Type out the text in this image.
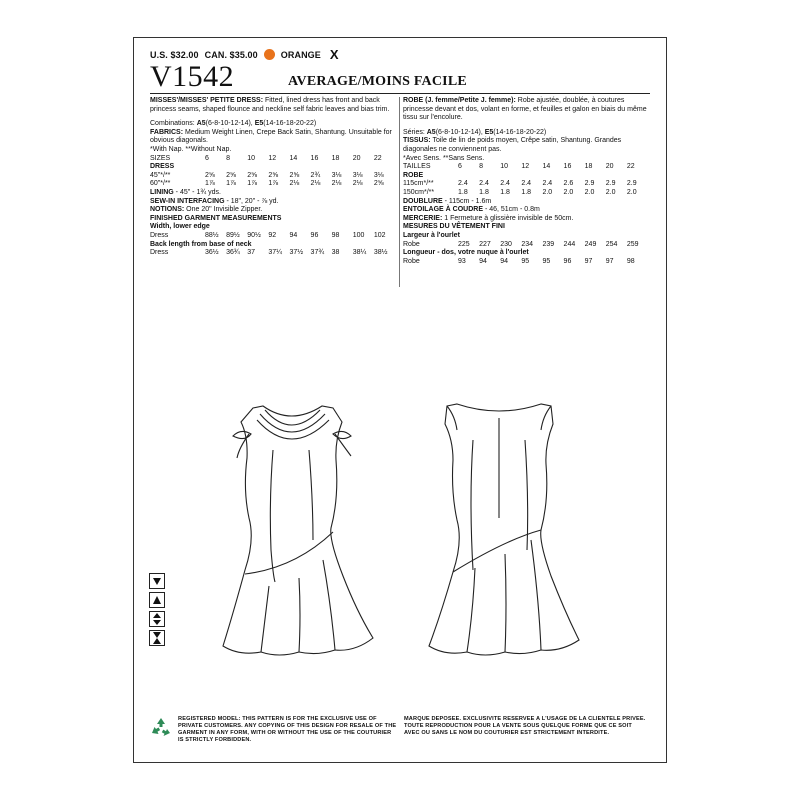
U.S. $32.00 CAN. $35.00	ORANGE X
V1542	AVERAGE/MOINS FACILE

MISSES'/MISSES' PETITE DRESS: Fitted, lined dress has front and back princess seams, shaped flounce and neckline self fabric leaves and bias trim.

Combinations: A5(6-8-10-12-14), E5(14-16-18-20-22)

FABRICS: Medium Weight Linen, Crepe Back Satin, Shantung. Unsuitable for obvious diagonals.

*With Nap. **Without Nap.

SIZES	6	8	10	12	14	16	18	20	22

DRESS

45"*/**	2⅝	2⅝	2⅝	2⅝	2⅝	2¾	3⅛	3⅛	3⅛
60"*/**	1⅞	1⅞	1⅞	1⅞	2⅛	2⅛	2⅛	2⅛	2⅝

LINING - 45" - 1¾ yds.

SEW-IN INTERFACING - 18", 20" - ⅞ yd.

NOTIONS: One 20" Invisible Zipper.

FINISHED GARMENT MEASUREMENTS

Width, lower edge

Dress	88½	89½	90½	92	94	96	98	100	102

Back length from base of neck

Dress	36½	36¾	37	37¼	37½	37¾	38	38¼	38½

ROBE (J. femme/Petite J. femme): Robe ajustée, doublée, à coutures princesse devant et dos, volant en forme, et feuilles et galon en biais du même tissu sur l'encolure.

Séries: A5(6-8-10-12-14), E5(14-16-18-20-22)

TISSUS: Toile de lin de poids moyen, Crêpe satin, Shantung. Grandes diagonales ne conviennent pas.

*Avec Sens. **Sans Sens.

TAILLES	6	8	10	12	14	16	18	20	22

ROBE

115cm*/**	2.4	2.4	2.4	2.4	2.4	2.6	2.9	2.9	2.9
150cm*/**	1.8	1.8	1.8	1.8	2.0	2.0	2.0	2.0	2.0

DOUBLURE - 115cm - 1.6m

ENTOILAGE À COUDRE - 46, 51cm - 0.8m

MERCERIE: 1 Fermeture à glissière invisible de 50cm.

MESURES DU VÊTEMENT FINI

Largeur à l'ourlet

Robe	225	227	230	234	239	244	249	254	259

Longueur - dos, votre nuque à l'ourlet

Robe	93	94	94	95	95	96	97	97	98
REGISTERED MODEL: THIS PATTERN IS FOR THE EXCLUSIVE USE OF PRIVATE CUSTOMERS. ANY COPYING OF THIS DESIGN FOR RESALE OF THE GARMENT IN ANY FORM, WITH OR WITHOUT THE USE OF THE COUTURIER IS STRICTLY FORBIDDEN.
MARQUE DEPOSEE. EXCLUSIVITE RESERVEE A L'USAGE DE LA CLIENTELE PRIVEE. TOUTE REPRODUCTION POUR LA VENTE SOUS QUELQUE FORME QUE CE SOIT AVEC OU SANS LE NOM DU COUTURIER EST STRICTEMENT INTERDITE.
